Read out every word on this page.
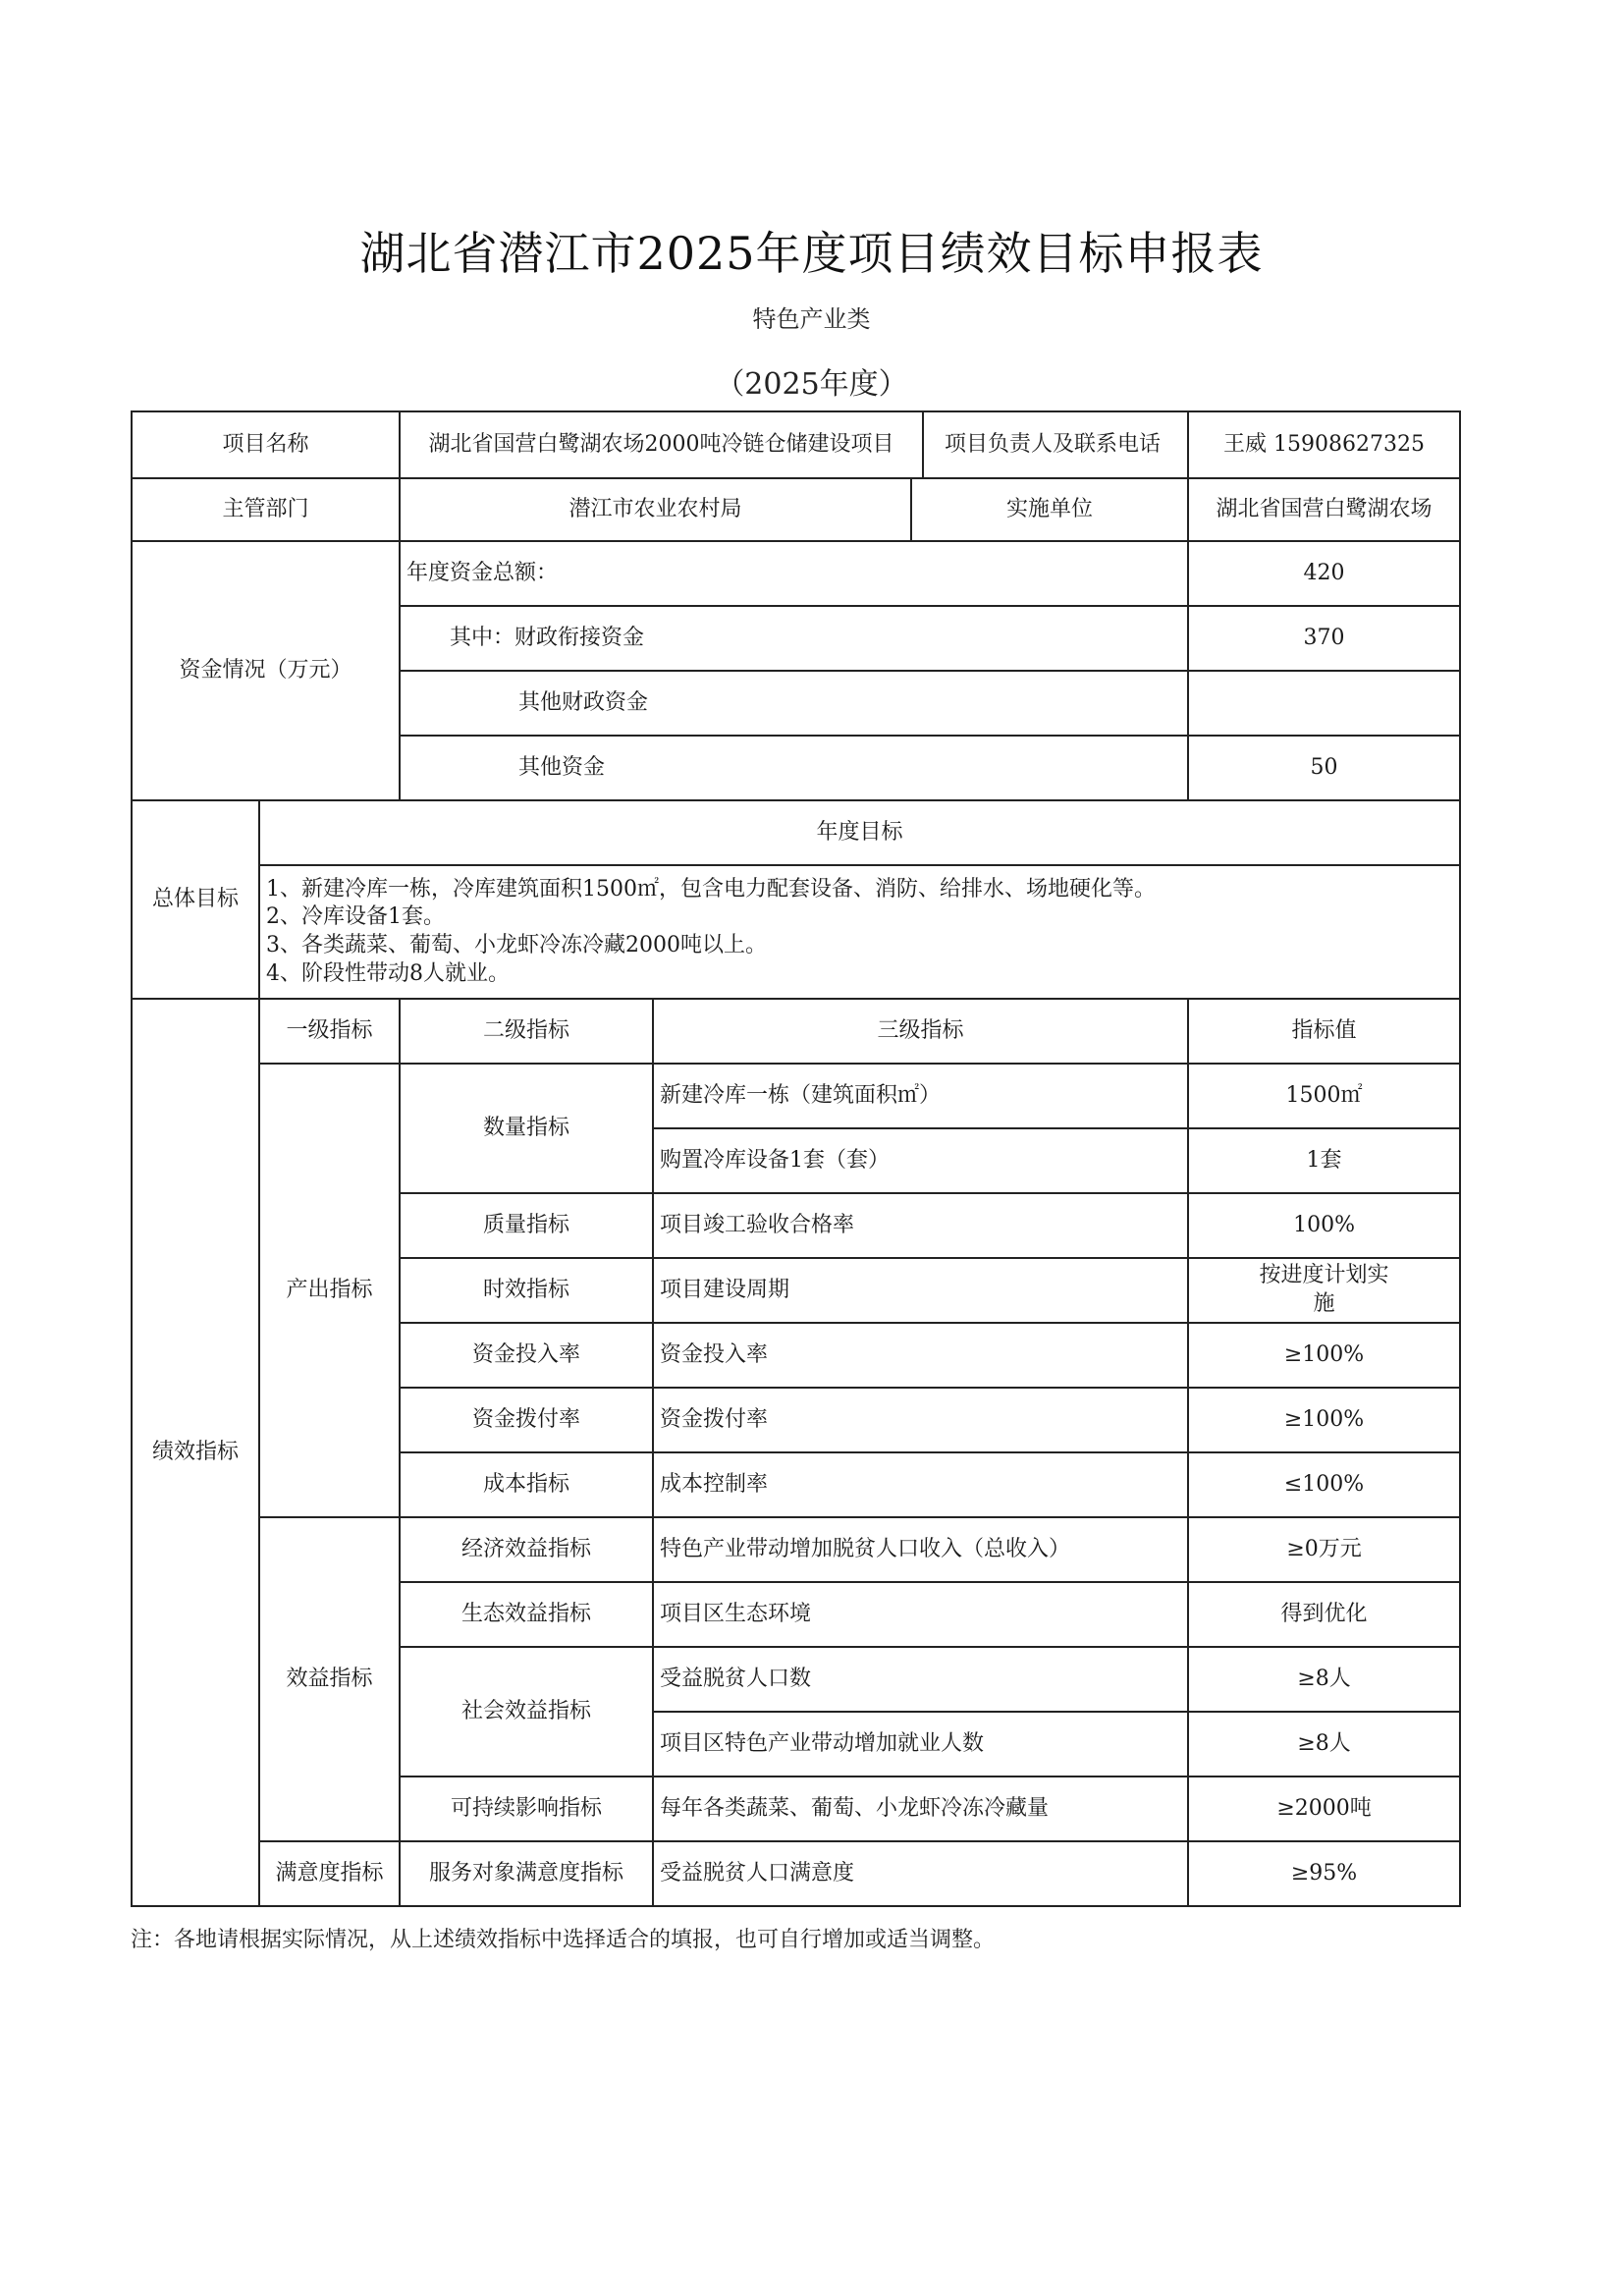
湖北省潜江市2025年度项目绩效目标申报表
特色产业类
（2025年度）
项目名称		湖北省国营白鹭湖农场2000吨冷链仓储建设项目 项目负责人及联系电话		王威 15908627325
主管部门		潜江市农业农村局 实施单位		湖北省国营白鹭湖农场
资金情况（万元）		年度资金总额：		420
		其中：财政衔接资金		370
		其他财政资金		
		其他资金		50
总体目标	年度目标			

	1、新建冷库一栋，冷库建筑面积1500㎡，包含电力配套设备、消防、给排水、场地硬化等。
2、冷库设备1套。
3、各类蔬菜、葡萄、小龙虾冷冻冷藏2000吨以上。
4、阶段性带动8人就业。			

绩效指标	一级指标	二级指标	三级指标	指标值
	产出指标	数量指标	新建冷库一栋（建筑面积㎡）	1500㎡
			购置冷库设备1套（套）	1套
		质量指标	项目竣工验收合格率	100%
		时效指标	项目建设周期	按进度计划实施
		资金投入率	资金投入率	≥100%
		资金拨付率	资金拨付率	≥100%
		成本指标	成本控制率	≤100%
	效益指标	经济效益指标	特色产业带动增加脱贫人口收入（总收入）	≥0万元
		生态效益指标	项目区生态环境	得到优化
		社会效益指标	受益脱贫人口数	≥8人
			项目区特色产业带动增加就业人数	≥8人
		可持续影响指标	每年各类蔬菜、葡萄、小龙虾冷冻冷藏量	≥2000吨
	满意度指标	服务对象满意度指标	受益脱贫人口满意度	≥95%
注：各地请根据实际情况，从上述绩效指标中选择适合的填报，也可自行增加或适当调整。
